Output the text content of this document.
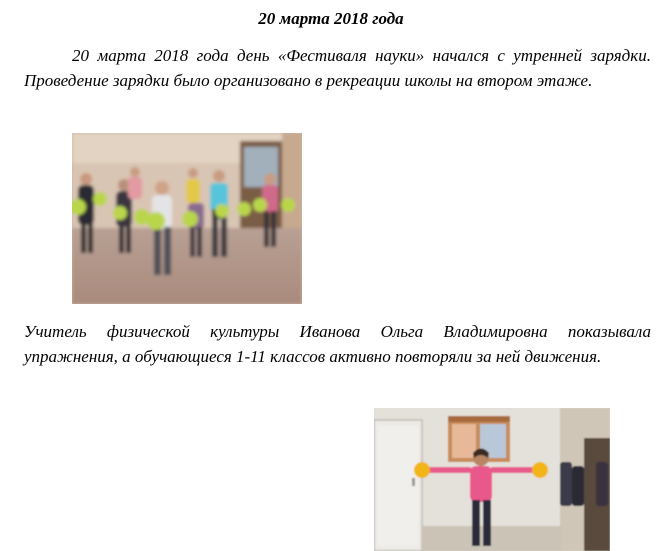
20 марта 2018 года

20 марта 2018 года день «Фестиваля науки» начался с утренней зарядки. Проведение зарядки было организовано в рекреации школы на втором этаже.

Учитель физической культуры Иванова Ольга Владимировна показывала упражнения, а обучающиеся 1-11 классов активно повторяли за ней движения.
